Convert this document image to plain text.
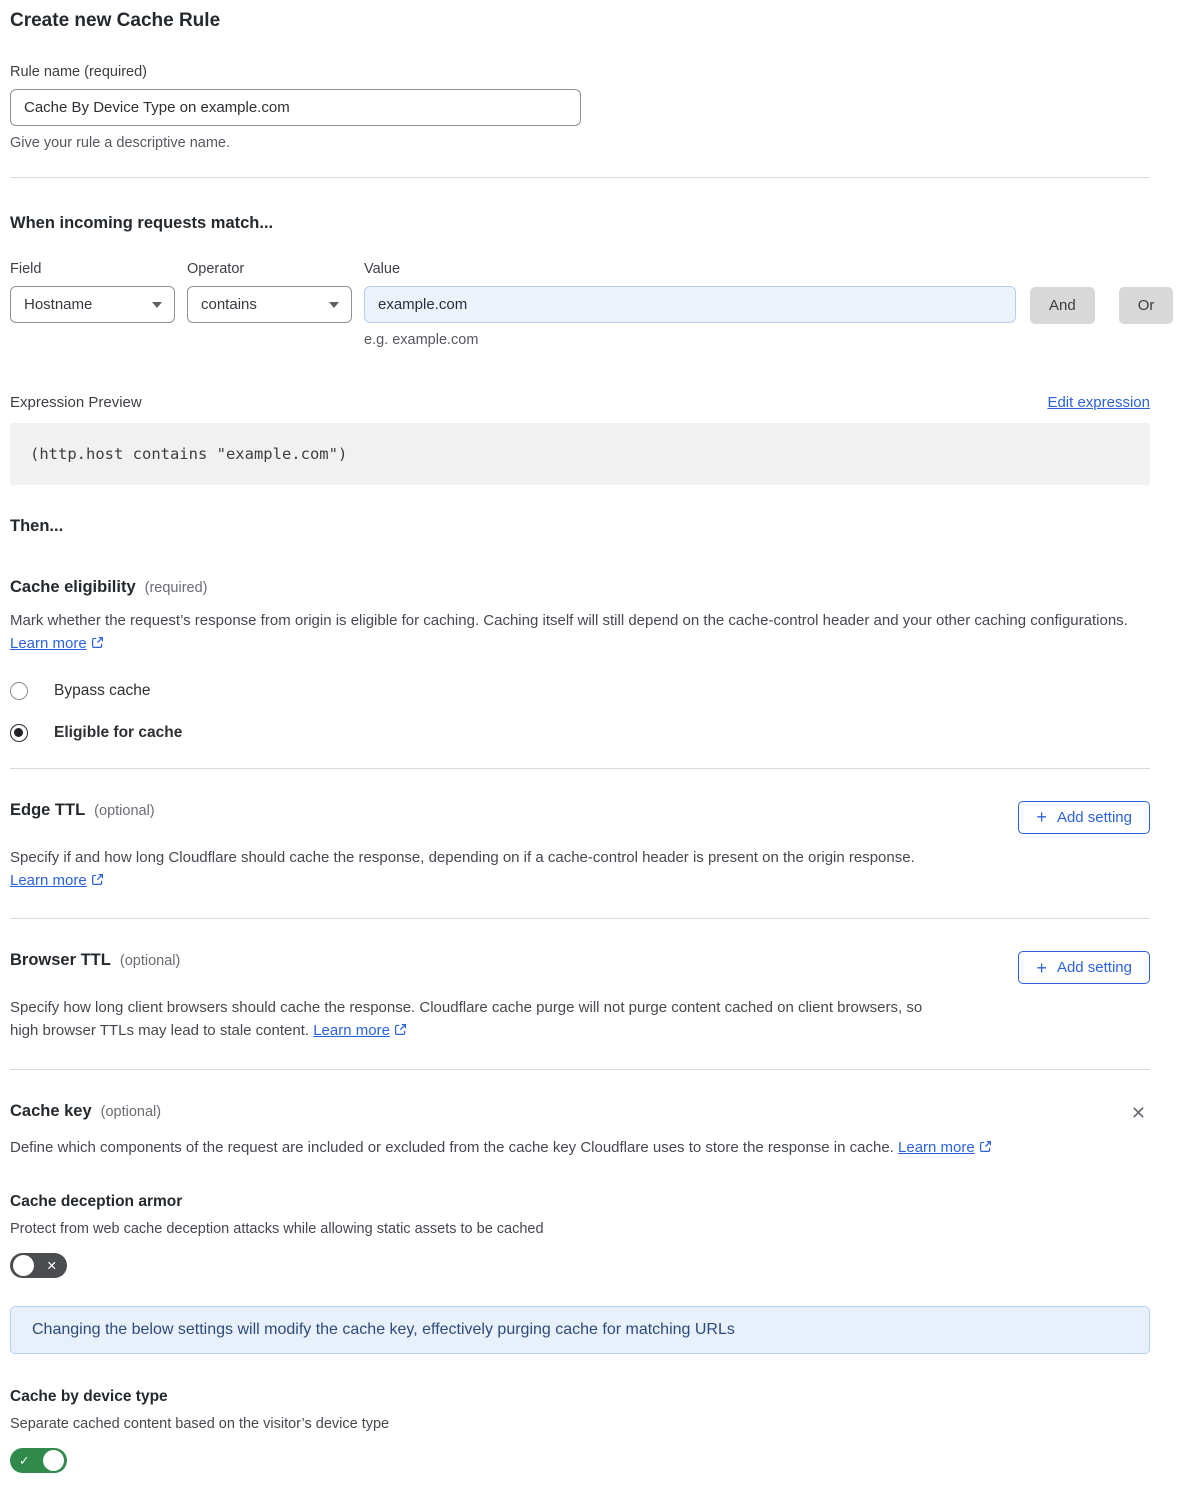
Create new Cache Rule
Rule name (required)
Cache By Device Type on example.com
Give your rule a descriptive name.
When incoming requests match...
Field
Hostname
Operator
contains
Value
example.com
e.g. example.com
And	Or
Expression Preview	Edit expression
(http.host contains "example.com")
Then...
Cache eligibility (required)

Mark whether the request’s response from origin is eligible for caching. Caching itself will still depend on the cache-control header and your other caching configurations. Learn more

Bypass cache
Eligible for cache
Edge TTL (optional)	+ Add setting

Specify if and how long Cloudflare should cache the response, depending on if a cache-control header is present on the origin response. Learn more

Browser TTL (optional)	+ Add setting

Specify how long client browsers should cache the response. Cloudflare cache purge will not purge content cached on client browsers, so high browser TTLs may lead to stale content. Learn more

Cache key (optional)	✕

Define which components of the request are included or excluded from the cache key Cloudflare uses to store the response in cache. Learn more

Cache deception armor
Protect from web cache deception attacks while allowing static assets to be cached
✕
Changing the below settings will modify the cache key, effectively purging cache for matching URLs
Cache by device type
Separate cached content based on the visitor’s device type
✓
